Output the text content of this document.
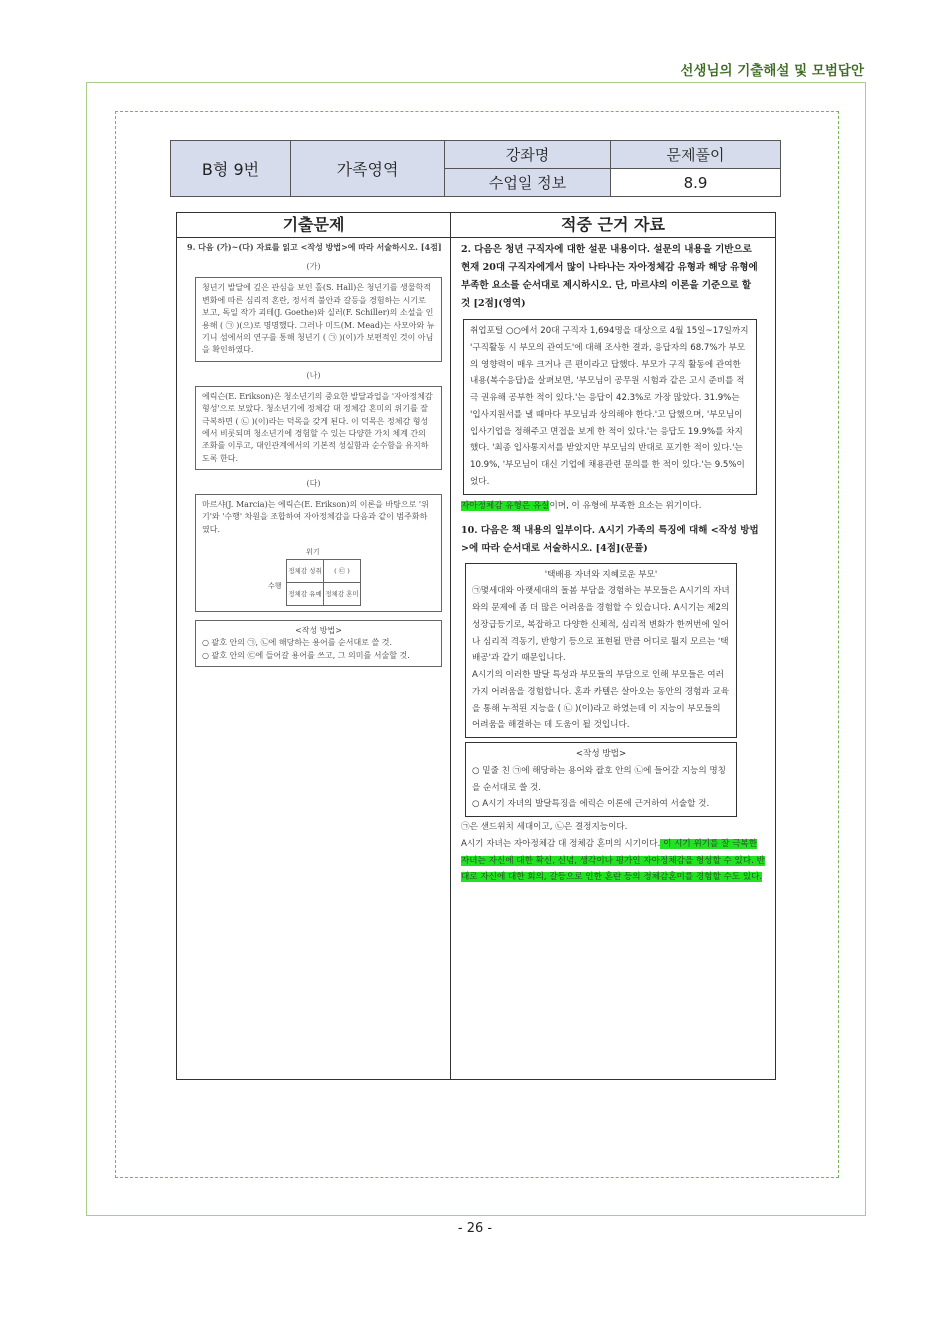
선생님의 기출해설 및 모범답안
B형 9번	가족영역	강좌명	문제풀이
		수업일 정보	8.9
기출문제
9. 다음 (가)~(다) 자료를 읽고 <작성 방법>에 따라 서술하시오. [4점]
(가)
청년기 발달에 깊은 관심을 보인 홀(S. Hall)은 청년기를 생물학적 변화에 따른 심리적 혼란, 정서적 불안과 갈등을 경험하는 시기로 보고, 독일 작가 괴테(J. Goethe)와 실러(F. Schiller)의 소설을 인용해 ( ㉠ )(으)로 명명했다. 그러나 미드(M. Mead)는 사모아와 뉴기니 섬에서의 연구를 통해 청년기 ( ㉠ )(이)가 보편적인 것이 아님을 확인하였다.
(나)
에릭슨(E. Erikson)은 청소년기의 중요한 발달과업을 '자아정체감 형성'으로 보았다. 청소년기에 정체감 대 정체감 혼미의 위기를 잘 극복하면 ( ㉡ )(이)라는 덕목을 갖게 된다. 이 덕목은 정체감 형성에서 비롯되며 청소년기에 경험할 수 있는 다양한 가치 체계 간의 조화를 이루고, 대인관계에서의 기본적 성실함과 순수함을 유지하도록 한다.
(다)
마르샤(J. Marcia)는 에릭슨(E. Erikson)의 이론을 바탕으로 '위기'와 '수행' 차원을 조합하여 자아정체감을 다음과 같이 범주화하였다.
위기
수행
정체감 성취	( ㉢ )
정체감 유예	정체감 혼미
<작성 방법>
○ 괄호 안의 ㉠, ㉡에 해당하는 용어를 순서대로 쓸 것.
○ 괄호 안의 ㉢에 들어갈 용어를 쓰고, 그 의미를 서술할 것.
적중 근거 자료
2. 다음은 청년 구직자에 대한 설문 내용이다. 설문의 내용을 기반으로 현재 20대 구직자에게서 많이 나타나는 자아정체감 유형과 해당 유형에 부족한 요소를 순서대로 제시하시오. 단, 마르샤의 이론을 기준으로 할 것 [2점](영역)
취업포털 ○○에서 20대 구직자 1,694명을 대상으로 4월 15일~17일까지 '구직활동 시 부모의 관여도'에 대해 조사한 결과, 응답자의 68.7%가 부모의 영향력이 매우 크거나 큰 편이라고 답했다. 부모가 구직 활동에 관여한 내용(복수응답)을 살펴보면, '부모님이 공무원 시험과 같은 고시 준비를 적극 권유해 공부한 적이 있다.'는 응답이 42.3%로 가장 많았다. 31.9%는 '입사지원서를 낼 때마다 부모님과 상의해야 한다.'고 답했으며, '부모님이 입사기업을 정해주고 면접을 보게 한 적이 있다.'는 응답도 19.9%를 차지했다. '최종 입사통지서를 받았지만 부모님의 반대로 포기한 적이 있다.'는 10.9%, '부모님이 대신 기업에 채용관련 문의를 한 적이 있다.'는 9.5%이었다.
자아정체감 유형은 유실이며, 이 유형에 부족한 요소는 위기이다.
10. 다음은 책 내용의 일부이다. A시기 가족의 특징에 대해 <작성 방법>에 따라 순서대로 서술하시오. [4점](문풀)
'택배용 자녀와 지혜로운 부모'
㉠몇세대와 아랫세대의 돌봄 부담을 경험하는 부모들은 A시기의 자녀와의 문제에 좀 더 많은 어려움을 경험할 수 있습니다. A시기는 제2의 성장급등기로, 복잡하고 다양한 신체적, 심리적 변화가 한꺼번에 일어나 심리적 격동기, 반항기 등으로 표현될 만큼 어디로 튈지 모르는 '택배공'과 같기 때문입니다.
A시기의 이러한 발달 특성과 부모들의 부담으로 인해 부모들은 여러 가지 어려움을 경험합니다. 혼과 카텔은 살아오는 동안의 경험과 교육을 통해 누적된 지능을 ( ㉡ )(이)라고 하였는데 이 지능이 부모들의 어려움을 해결하는 데 도움이 될 것입니다.
<작성 방법>
○ 밑줄 친 ㉠에 해당하는 용어와 괄호 안의 ㉡에 들어갈 지능의 명칭을 순서대로 쓸 것.
○ A시기 자녀의 발달특징을 에릭슨 이론에 근거하여 서술할 것.
㉠은 샌드위치 세대이고, ㉡은 결정지능이다.
A시기 자녀는 자아정체감 대 정체감 혼미의 시기이다. 이 시기 위기를 잘 극복한 자녀는 자신에 대한 확신, 신념, 생각이나 평가인 자아정체감을 형성할 수 있다. 반대로 자신에 대한 회의, 갈등으로 인한 혼란 등의 정체감혼미를 경험할 수도 있다.
- 26 -
